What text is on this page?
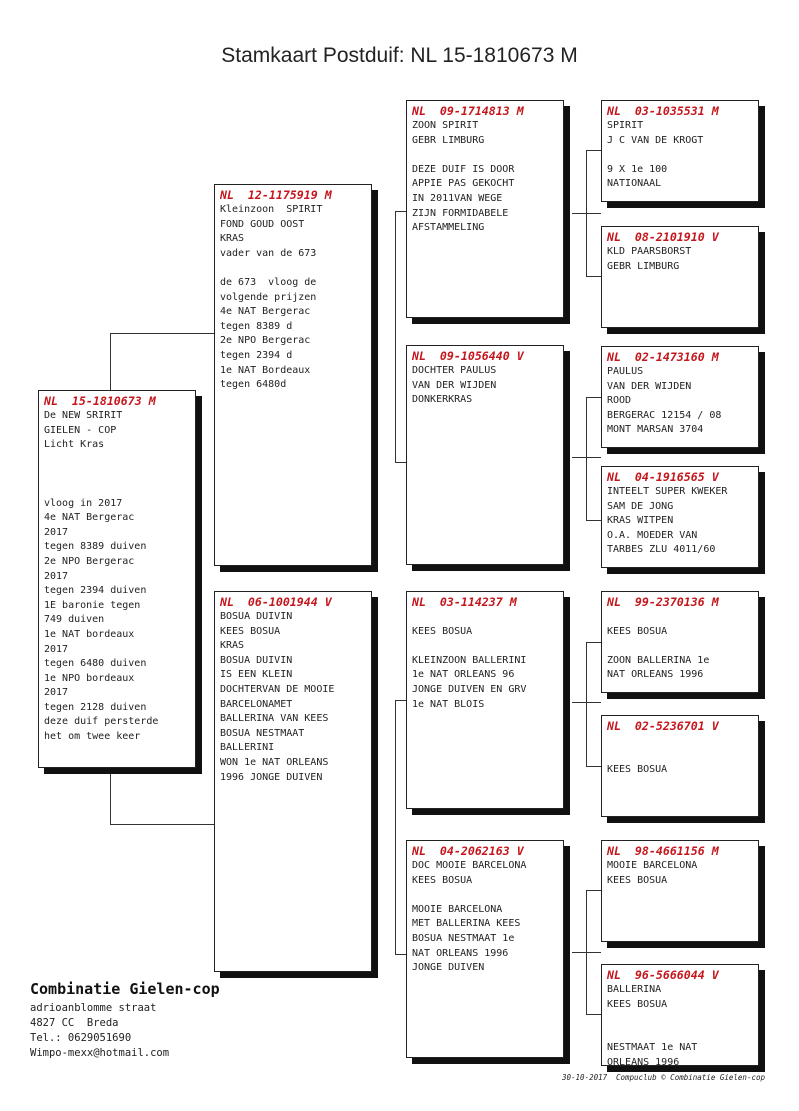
Stamkaart Postduif: NL 15-1810673 M
NL  15-1810673 M
De NEW SRIRIT
GIELEN - COP
Licht Kras
vloog in 2017
4e NAT Bergerac
2017
tegen 8389 duiven
2e NPO Bergerac
2017
tegen 2394 duiven
1E baronie tegen
749 duiven
1e NAT bordeaux
2017
tegen 6480 duiven
1e NPO bordeaux
2017
tegen 2128 duiven
deze duif persterde
het om twee keer
NL  12-1175919 M
Kleinzoon  SPIRIT
FOND GOUD OOST
KRAS
vader van de 673
de 673  vloog de
volgende prijzen
4e NAT Bergerac
tegen 8389 d
2e NPO Bergerac
tegen 2394 d
1e NAT Bordeaux
tegen 6480d
NL  06-1001944 V
BOSUA DUIVIN
KEES BOSUA
KRAS
BOSUA DUIVIN
IS EEN KLEIN
DOCHTERVAN DE MOOIE
BARCELONAMET
BALLERINA VAN KEES
BOSUA NESTMAAT
BALLERINI
WON 1e NAT ORLEANS
1996 JONGE DUIVEN
NL  09-1714813 M
ZOON SPIRIT
GEBR LIMBURG
DEZE DUIF IS DOOR
APPIE PAS GEKOCHT
IN 2011VAN WEGE
ZIJN FORMIDABELE
AFSTAMMELING
NL  09-1056440 V
DOCHTER PAULUS
VAN DER WIJDEN
DONKERKRAS
NL  03-114237 M
KEES BOSUA
KLEINZOON BALLERINI
1e NAT ORLEANS 96
JONGE DUIVEN EN GRV
1e NAT BLOIS
NL  04-2062163 V
DOC MOOIE BARCELONA
KEES BOSUA
MOOIE BARCELONA
MET BALLERINA KEES
BOSUA NESTMAAT 1e
NAT ORLEANS 1996
JONGE DUIVEN
NL  03-1035531 M
SPIRIT
J C VAN DE KROGT
9 X 1e 100
NATIONAAL
NL  08-2101910 V
KLD PAARSBORST
GEBR LIMBURG
NL  02-1473160 M
PAULUS
VAN DER WIJDEN
ROOD
BERGERAC 12154 / 08
MONT MARSAN 3704
NL  04-1916565 V
INTEELT SUPER KWEKER
SAM DE JONG
KRAS WITPEN
O.A. MOEDER VAN
TARBES ZLU 4011/60
NL  99-2370136 M
KEES BOSUA
ZOON BALLERINA 1e
NAT ORLEANS 1996
NL  02-5236701 V
KEES BOSUA
NL  98-4661156 M
MOOIE BARCELONA
KEES BOSUA
NL  96-5666044 V
BALLERINA
KEES BOSUA
NESTMAAT 1e NAT
ORLEANS 1996
Combinatie Gielen-cop
adrioanblomme straat
4827 CC  Breda
Tel.: 0629051690
Wimpo-mexx@hotmail.com
30-10-2017 Compuclub © Combinatie Gielen-cop
